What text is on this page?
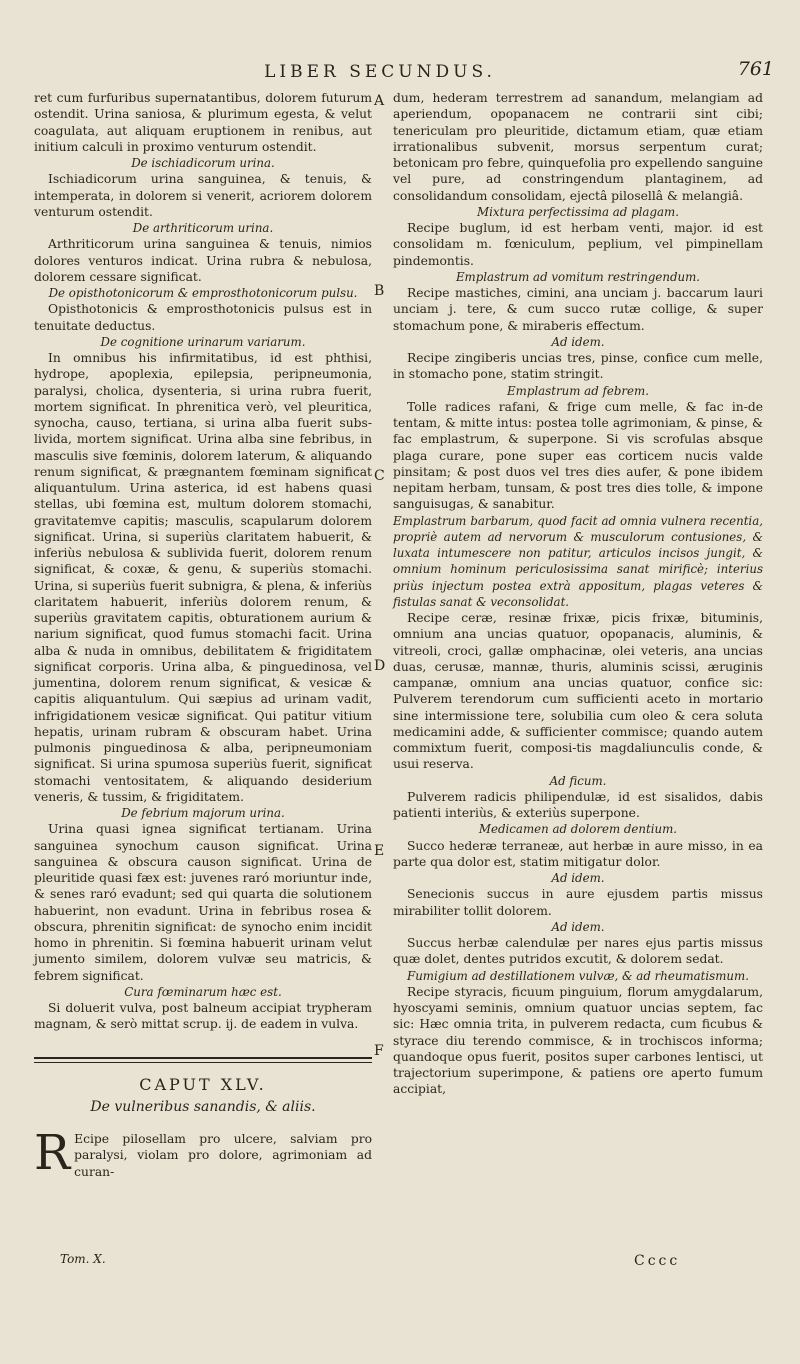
LIBER SECUNDUS.	761

ret cum furfuribus supernatantibus, dolorem futurum ostendit. Urina saniosa, & plurimum egesta, & velut coagulata, aut aliquam eruptionem in renibus, aut initium calculi in proximo venturum ostendit.

De ischiadicorum urina.

Ischiadicorum urina sanguinea, & tenuis, & intemperata, in dolorem si venerit, acriorem dolorem venturum ostendit.

De arthriticorum urina.

Arthriticorum urina sanguinea & tenuis, nimios dolores venturos indicat. Urina rubra & nebulosa, dolorem cessare significat.

De opisthotonicorum & emprosthotonicorum pulsu.

Opisthotonicis & emprosthotonicis pulsus est in tenuitate deductus.

De cognitione urinarum variarum.

In omnibus his infirmitatibus, id est phthisi, hydrope, apoplexia, epilepsia, peripneumonia, paralysi, cholica, dysenteria, si urina rubra fuerit, mortem significat. In phrenitica verò, vel pleuritica, synocha, causo, tertiana, si urina alba fuerit subs-livida, mortem significat. Urina alba sine febribus, in masculis sive fœminis, dolorem laterum, & aliquando renum significat, & prægnantem fœminam significat aliquantulum. Urina asterica, id est habens quasi stellas, ubi fœmina est, multum dolorem stomachi, gravitatemve capitis; masculis, scapularum dolorem significat. Urina, si superiùs claritatem habuerit, & inferiùs nebulosa & sublivida fuerit, dolorem renum significat, & coxæ, & genu, & superiùs stomachi. Urina, si superiùs fuerit subnigra, & plena, & inferiùs claritatem habuerit, inferiùs dolorem renum, & superiùs gravitatem capitis, obturationem aurium & narium significat, quod fumus stomachi facit. Urina alba & nuda in omnibus, debilitatem & frigiditatem significat corporis. Urina alba, & pinguedinosa, vel jumentina, dolorem renum significat, & vesicæ & capitis aliquantulum. Qui sæpius ad urinam vadit, infrigidationem vesicæ significat. Qui patitur vitium hepatis, urinam rubram & obscuram habet. Urina pulmonis pinguedinosa & alba, peripneumoniam significat. Si urina spumosa superiùs fuerit, significat stomachi ventositatem, & aliquando desiderium veneris, & tussim, & frigiditatem.

De febrium majorum urina.

Urina quasi ignea significat tertianam. Urina sanguinea synochum causon significat. Urina sanguinea & obscura causon significat. Urina de pleuritide quasi fæx est: juvenes raró moriuntur inde, & senes raró evadunt; sed qui quarta die solutionem habuerint, non evadunt. Urina in febribus rosea & obscura, phrenitin significat: de synocho enim incidit homo in phrenitin. Si fœmina habuerit urinam velut jumento similem, dolorem vulvæ seu matricis, & febrem significat.

Cura fœminarum hæc est.

Si doluerit vulva, post balneum accipiat trypheram magnam, & serò mittat scrup. ij. de eadem in vulva.

CAPUT XLV.
De vulneribus sanandis, & aliis.

R Ecipe pilosellam pro ulcere, salviam pro paralysi, violam pro dolore, agrimoniam ad curan-

dum, hederam terrestrem ad sanandum, melangiam ad aperiendum, opopanacem ne contrarii sint cibi; tenericulam pro pleuritide, dictamum etiam, quæ etiam irrationalibus subvenit, morsus serpentum curat; betonicam pro febre, quinquefolia pro expellendo sanguine vel pure, ad constringendum plantaginem, ad consolidandum consolidam, ejectâ pilosellâ & melangiâ.

Mixtura perfectissima ad plagam.

Recipe buglum, id est herbam venti, major. id est consolidam m. fœniculum, peplium, vel pimpinellam pindemontis.

Emplastrum ad vomitum restringendum.

Recipe mastiches, cimini, ana unciam j. baccarum lauri unciam j. tere, & cum succo rutæ collige, & super stomachum pone, & miraberis effectum.

Ad idem.

Recipe zingiberis uncias tres, pinse, confice cum melle, in stomacho pone, statim stringit.

Emplastrum ad febrem.

Tolle radices rafani, & frige cum melle, & fac in-de tentam, & mitte intus: postea tolle agrimoniam, & pinse, & fac emplastrum, & superpone. Si vis scrofulas absque plaga curare, pone super eas corticem nucis valde pinsitam; & post duos vel tres dies aufer, & pone ibidem nepitam herbam, tunsam, & post tres dies tolle, & impone sanguisugas, & sanabitur.

Emplastrum barbarum, quod facit ad omnia vulnera recentia, propriè autem ad nervorum & musculorum contusiones, & luxata intumescere non patitur, articulos incisos jungit, & omnium hominum periculosissima sanat mirificè; interius priùs injectum postea extrà appositum, plagas veteres & fistulas sanat & veconsolidat.

Recipe ceræ, resinæ frixæ, picis frixæ, bituminis, omnium ana uncias quatuor, opopanacis, aluminis, & vitreoli, croci, gallæ omphacinæ, olei veteris, ana uncias duas, cerusæ, mannæ, thuris, aluminis scissi, æruginis campanæ, omnium ana uncias quatuor, confice sic: Pulverem terendorum cum sufficienti aceto in mortario sine intermissione tere, solubilia cum oleo & cera soluta medicamini adde, & sufficienter commisce; quando autem commixtum fuerit, composi-tis magdaliunculis conde, & usui reserva.

Ad ficum.

Pulverem radicis philipendulæ, id est sisalidos, dabis patienti interiùs, & exteriùs superpone.

Medicamen ad dolorem dentium.

Succo hederæ terraneæ, aut herbæ in aure misso, in ea parte qua dolor est, statim mitigatur dolor.

Ad idem.

Senecionis succus in aure ejusdem partis missus mirabiliter tollit dolorem.

Ad idem.

Succus herbæ calendulæ per nares ejus partis missus quæ dolet, dentes putridos excutit, & dolorem sedat.

Fumigium ad destillationem vulvæ, & ad rheumatismum.

Recipe styracis, ficuum pinguium, florum amygdalarum, hyoscyami seminis, omnium quatuor uncias septem, fac sic: Hæc omnia trita, in pulverem redacta, cum ficubus & styrace diu terendo commisce, & in trochiscos informa; quandoque opus fuerit, positos super carbones lentisci, ut trajectorium superimpone, & patiens ore aperto fumum accipiat,

A
B
C
D
E
F
Tom. X.	Cccc
